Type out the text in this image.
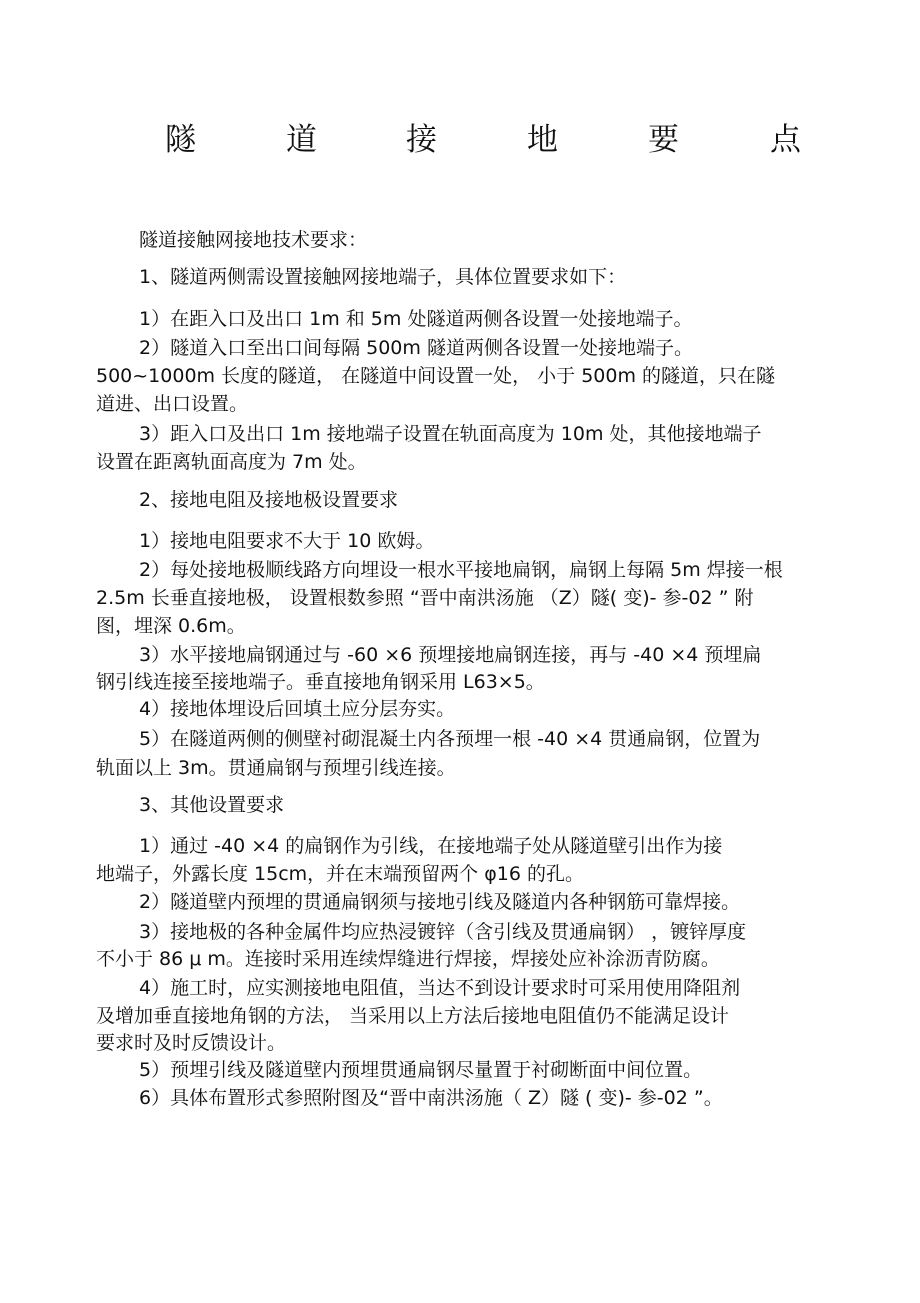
隧	道	接	地	要	点
隧道接触网接地技术要求：
1、隧道两侧需设置接触网接地端子，具体位置要求如下：
1）在距入口及出口 1m 和 5m 处隧道两侧各设置一处接地端子。
2）隧道入口至出口间每隔 500m 隧道两侧各设置一处接地端子。
500~1000m 长度的隧道， 在隧道中间设置一处， 小于 500m 的隧道，只在隧
道进、出口设置。
3）距入口及出口 1m 接地端子设置在轨面高度为 10m 处，其他接地端子
设置在距离轨面高度为 7m 处。
2、接地电阻及接地极设置要求
1）接地电阻要求不大于 10 欧姆。
2）每处接地极顺线路方向埋设一根水平接地扁钢，扁钢上每隔 5m 焊接一根
2.5m 长垂直接地极， 设置根数参照 “晋中南洪汤施 （Z）隧( 变)- 参-02 ” 附
图，埋深 0.6m。
3）水平接地扁钢通过与 -60 ×6 预埋接地扁钢连接，再与 -40 ×4 预埋扁
钢引线连接至接地端子。垂直接地角钢采用 L63×5。
4）接地体埋设后回填土应分层夯实。
5）在隧道两侧的侧壁衬砌混凝土内各预埋一根 -40 ×4 贯通扁钢，位置为
轨面以上 3m。贯通扁钢与预埋引线连接。
3、其他设置要求
1）通过 -40 ×4 的扁钢作为引线，在接地端子处从隧道壁引出作为接
地端子，外露长度 15cm，并在末端预留两个 φ16 的孔。
2）隧道壁内预埋的贯通扁钢须与接地引线及隧道内各种钢筋可靠焊接。
3）接地极的各种金属件均应热浸镀锌（含引线及贯通扁钢） ，镀锌厚度
不小于 86 μ m。连接时采用连续焊缝进行焊接，焊接处应补涂沥青防腐。
4）施工时，应实测接地电阻值，当达不到设计要求时可采用使用降阻剂
及增加垂直接地角钢的方法， 当采用以上方法后接地电阻值仍不能满足设计
要求时及时反馈设计。
5）预埋引线及隧道壁内预埋贯通扁钢尽量置于衬砌断面中间位置。
6）具体布置形式参照附图及“晋中南洪汤施（ Z）隧 ( 变)- 参-02 ”。
